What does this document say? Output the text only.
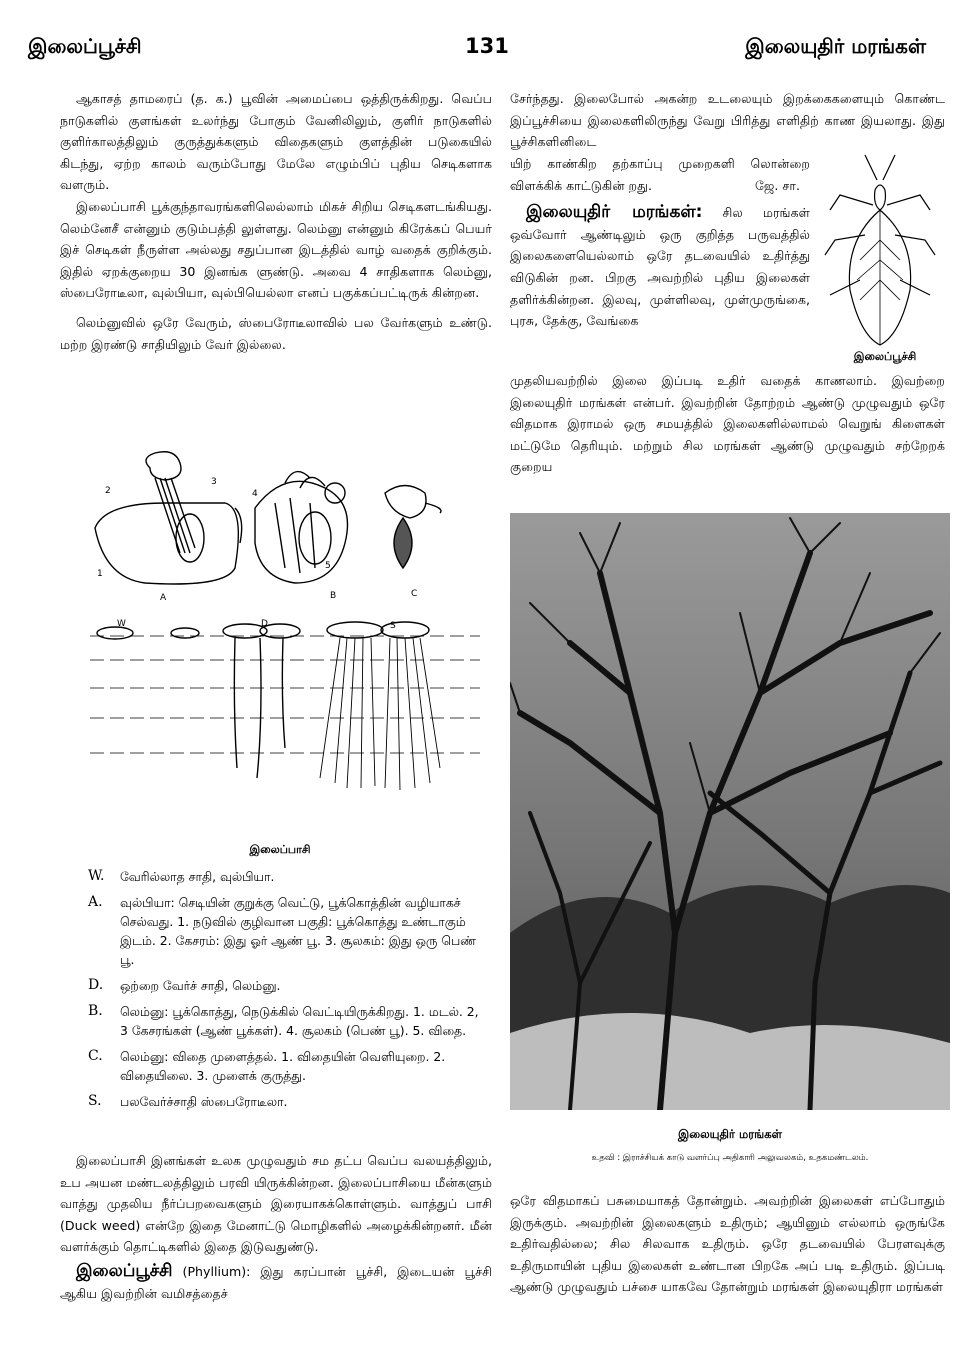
இலைப்பூச்சி	131	இலையுதிர் மரங்கள்

ஆகாசத் தாமரைப் (த. க.) பூவின் அமைப்பை ஒத்திருக்கிறது. வெப்ப நாடுகளில் குளங்கள் உலர்ந்து போகும் வேனிலிலும், குளிர் நாடுகளில் குளிர்காலத்திலும் குருத்துக்களும் விதைகளும் குளத்தின் படுகையில் கிடந்து, ஏற்ற காலம் வரும்போது மேலே எழும்பிப் புதிய செடிகளாக வளரும்.

இலைப்பாசி பூக்குந்தாவரங்களிலெல்லாம் மிகச் சிறிய செடிகளடங்கியது. லெம்னேசீ என்னும் குடும்பத்தி லுள்ளது. லெம்னு என்னும் கிரேக்கப் பெயர் இச் செடிகள் நீருள்ள அல்லது சதுப்பான இடத்தில் வாழ் வதைக் குறிக்கும். இதில் ஏறக்குறைய 30 இனங்க ளுண்டு. அவை 4 சாதிகளாக லெம்னு, ஸ்பைரோடீலா, வுல்பியா, வுல்பியெல்லா எனப் பகுக்கப்பட்டிருக் கின்றன.

லெம்னுவில் ஒரே வேரும், ஸ்பைரோடீலாவில் பல வேர்களும் உண்டு. மற்ற இரண்டு சாதியிலும் வேர் இல்லை.

2
3
1
A
4
5
B	C
W	D	S
இலைப்பாசி
W.	வேரில்லாத சாதி, வுல்பியா.
A.	வுல்பியா: செடியின் குறுக்கு வெட்டு, பூக்கொத்தின் வழியாகச் செல்வது. 1. நடுவில் குழிவான பகுதி: பூக்கொத்து உண்டாகும் இடம். 2. கேசரம்: இது ஓர் ஆண் பூ. 3. சூலகம்: இது ஒரு பெண் பூ.
D.	ஒற்றை வேர்ச் சாதி, லெம்னு.
B.	லெம்னு: பூக்கொத்து, நெடுக்கில் வெட்டியிருக்கிறது. 1. மடல். 2, 3 கேசரங்கள் (ஆண் பூக்கள்). 4. சூலகம் (பெண் பூ). 5. விதை.
C.	லெம்னு: விதை முளைத்தல். 1. விதையின் வெளியுறை. 2. விதையிலை. 3. முளைக் குருத்து.
S.	பலவேர்ச்சாதி ஸ்பைரோடீலா.

இலைப்பாசி இனங்கள் உலக முழுவதும் சம தட்ப வெப்ப வலயத்திலும், உப அயன மண்டலத்திலும் பரவி யிருக்கின்றன. இலைப்பாசியை மீன்களும் வாத்து முதலிய நீர்ப்பறவைகளும் இரையாகக்கொள்ளும். வாத்துப் பாசி (Duck weed) என்றே இதை மேனாட்டு மொழிகளில் அழைக்கின்றனர். மீன் வளர்க்கும் தொட்டிகளில் இதை இடுவதுண்டு.

இலைப்பூச்சி (Phyllium): இது கரப்பான் பூச்சி, இடையன் பூச்சி ஆகிய இவற்றின் வமிசத்தைச்

சேர்ந்தது. இலைபோல் அகன்ற உடலையும் இறக்கைகளையும் கொண்ட இப்பூச்சியை இலைகளிலிருந்து வேறு பிரித்து எளிதிற் காண இயலாது. இது பூச்சிகளினிடை

யிற் காண்கிற தற்காப்பு முறைகளி லொன்றை விளக்கிக் காட்டுகின் றது.	ஜே. சா.

இலையுதிர் மரங்கள்: சில மரங்கள் ஒவ்வோர் ஆண்டிலும் ஒரு குறித்த பருவத்தில் இலைகளையெல்லாம் ஒரே தடவையில் உதிர்த்து விடுகின் றன. பிறகு அவற்றில் புதிய இலைகள் தளிர்க்கின்றன. இலவு, முள்ளிலவு, முள்முருங்கை, புரசு, தேக்கு, வேங்கை

முதலியவற்றில் இலை இப்படி உதிர் வதைக் காணலாம். இவற்றை இலையுதிர் மரங்கள் என்பர். இவற்றின் தோற்றம் ஆண்டு முழுவதும் ஒரே விதமாக இராமல் ஒரு சமயத்தில் இலைகளில்லாமல் வெறுங் கிளைகள் மட்டுமே தெரியும். மற்றும் சில மரங்கள் ஆண்டு முழுவதும் சற்றேறக் குறைய

இலைப்பூச்சி
இலையுதிர் மரங்கள்
உதவி : இராச்சியக் காடு வளர்ப்பு அதிகாரி அலுவலகம், உதகமண்டலம்.

ஒரே விதமாகப் பசுமையாகத் தோன்றும். அவற்றின் இலைகள் எப்போதும் இருக்கும். அவற்றின் இலைகளும் உதிரும்; ஆயினும் எல்லாம் ஒருங்கே உதிர்வதில்லை; சில சிலவாக உதிரும். ஒரே தடவையில் பேரளவுக்கு உதிருமாயின் புதிய இலைகள் உண்டான பிறகே அப் படி உதிரும். இப்படி ஆண்டு முழுவதும் பச்சை யாகவே தோன்றும் மரங்கள் இலையுதிரா மரங்கள்
